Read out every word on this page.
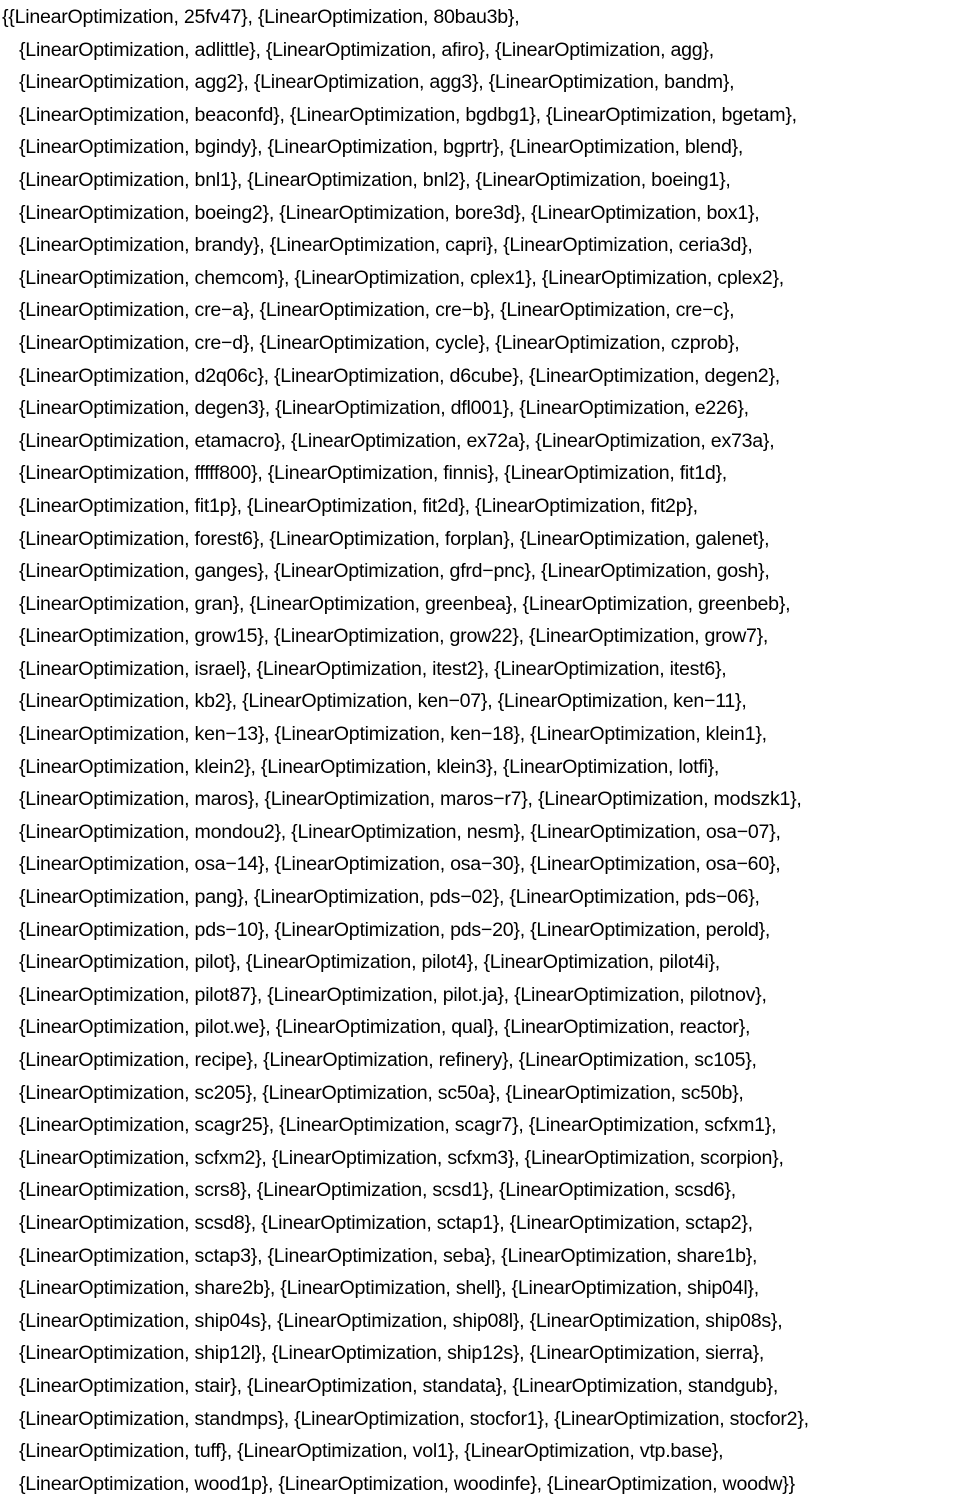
{{LinearOptimization, 25fv47}, {LinearOptimization, 80bau3b},
{LinearOptimization, adlittle}, {LinearOptimization, afiro}, {LinearOptimization, agg},
{LinearOptimization, agg2}, {LinearOptimization, agg3}, {LinearOptimization, bandm},
{LinearOptimization, beaconfd}, {LinearOptimization, bgdbg1}, {LinearOptimization, bgetam},
{LinearOptimization, bgindy}, {LinearOptimization, bgprtr}, {LinearOptimization, blend},
{LinearOptimization, bnl1}, {LinearOptimization, bnl2}, {LinearOptimization, boeing1},
{LinearOptimization, boeing2}, {LinearOptimization, bore3d}, {LinearOptimization, box1},
{LinearOptimization, brandy}, {LinearOptimization, capri}, {LinearOptimization, ceria3d},
{LinearOptimization, chemcom}, {LinearOptimization, cplex1}, {LinearOptimization, cplex2},
{LinearOptimization, cre−a}, {LinearOptimization, cre−b}, {LinearOptimization, cre−c},
{LinearOptimization, cre−d}, {LinearOptimization, cycle}, {LinearOptimization, czprob},
{LinearOptimization, d2q06c}, {LinearOptimization, d6cube}, {LinearOptimization, degen2},
{LinearOptimization, degen3}, {LinearOptimization, dfl001}, {LinearOptimization, e226},
{LinearOptimization, etamacro}, {LinearOptimization, ex72a}, {LinearOptimization, ex73a},
{LinearOptimization, fffff800}, {LinearOptimization, finnis}, {LinearOptimization, fit1d},
{LinearOptimization, fit1p}, {LinearOptimization, fit2d}, {LinearOptimization, fit2p},
{LinearOptimization, forest6}, {LinearOptimization, forplan}, {LinearOptimization, galenet},
{LinearOptimization, ganges}, {LinearOptimization, gfrd−pnc}, {LinearOptimization, gosh},
{LinearOptimization, gran}, {LinearOptimization, greenbea}, {LinearOptimization, greenbeb},
{LinearOptimization, grow15}, {LinearOptimization, grow22}, {LinearOptimization, grow7},
{LinearOptimization, israel}, {LinearOptimization, itest2}, {LinearOptimization, itest6},
{LinearOptimization, kb2}, {LinearOptimization, ken−07}, {LinearOptimization, ken−11},
{LinearOptimization, ken−13}, {LinearOptimization, ken−18}, {LinearOptimization, klein1},
{LinearOptimization, klein2}, {LinearOptimization, klein3}, {LinearOptimization, lotfi},
{LinearOptimization, maros}, {LinearOptimization, maros−r7}, {LinearOptimization, modszk1},
{LinearOptimization, mondou2}, {LinearOptimization, nesm}, {LinearOptimization, osa−07},
{LinearOptimization, osa−14}, {LinearOptimization, osa−30}, {LinearOptimization, osa−60},
{LinearOptimization, pang}, {LinearOptimization, pds−02}, {LinearOptimization, pds−06},
{LinearOptimization, pds−10}, {LinearOptimization, pds−20}, {LinearOptimization, perold},
{LinearOptimization, pilot}, {LinearOptimization, pilot4}, {LinearOptimization, pilot4i},
{LinearOptimization, pilot87}, {LinearOptimization, pilot.ja}, {LinearOptimization, pilotnov},
{LinearOptimization, pilot.we}, {LinearOptimization, qual}, {LinearOptimization, reactor},
{LinearOptimization, recipe}, {LinearOptimization, refinery}, {LinearOptimization, sc105},
{LinearOptimization, sc205}, {LinearOptimization, sc50a}, {LinearOptimization, sc50b},
{LinearOptimization, scagr25}, {LinearOptimization, scagr7}, {LinearOptimization, scfxm1},
{LinearOptimization, scfxm2}, {LinearOptimization, scfxm3}, {LinearOptimization, scorpion},
{LinearOptimization, scrs8}, {LinearOptimization, scsd1}, {LinearOptimization, scsd6},
{LinearOptimization, scsd8}, {LinearOptimization, sctap1}, {LinearOptimization, sctap2},
{LinearOptimization, sctap3}, {LinearOptimization, seba}, {LinearOptimization, share1b},
{LinearOptimization, share2b}, {LinearOptimization, shell}, {LinearOptimization, ship04l},
{LinearOptimization, ship04s}, {LinearOptimization, ship08l}, {LinearOptimization, ship08s},
{LinearOptimization, ship12l}, {LinearOptimization, ship12s}, {LinearOptimization, sierra},
{LinearOptimization, stair}, {LinearOptimization, standata}, {LinearOptimization, standgub},
{LinearOptimization, standmps}, {LinearOptimization, stocfor1}, {LinearOptimization, stocfor2},
{LinearOptimization, tuff}, {LinearOptimization, vol1}, {LinearOptimization, vtp.base},
{LinearOptimization, wood1p}, {LinearOptimization, woodinfe}, {LinearOptimization, woodw}}
